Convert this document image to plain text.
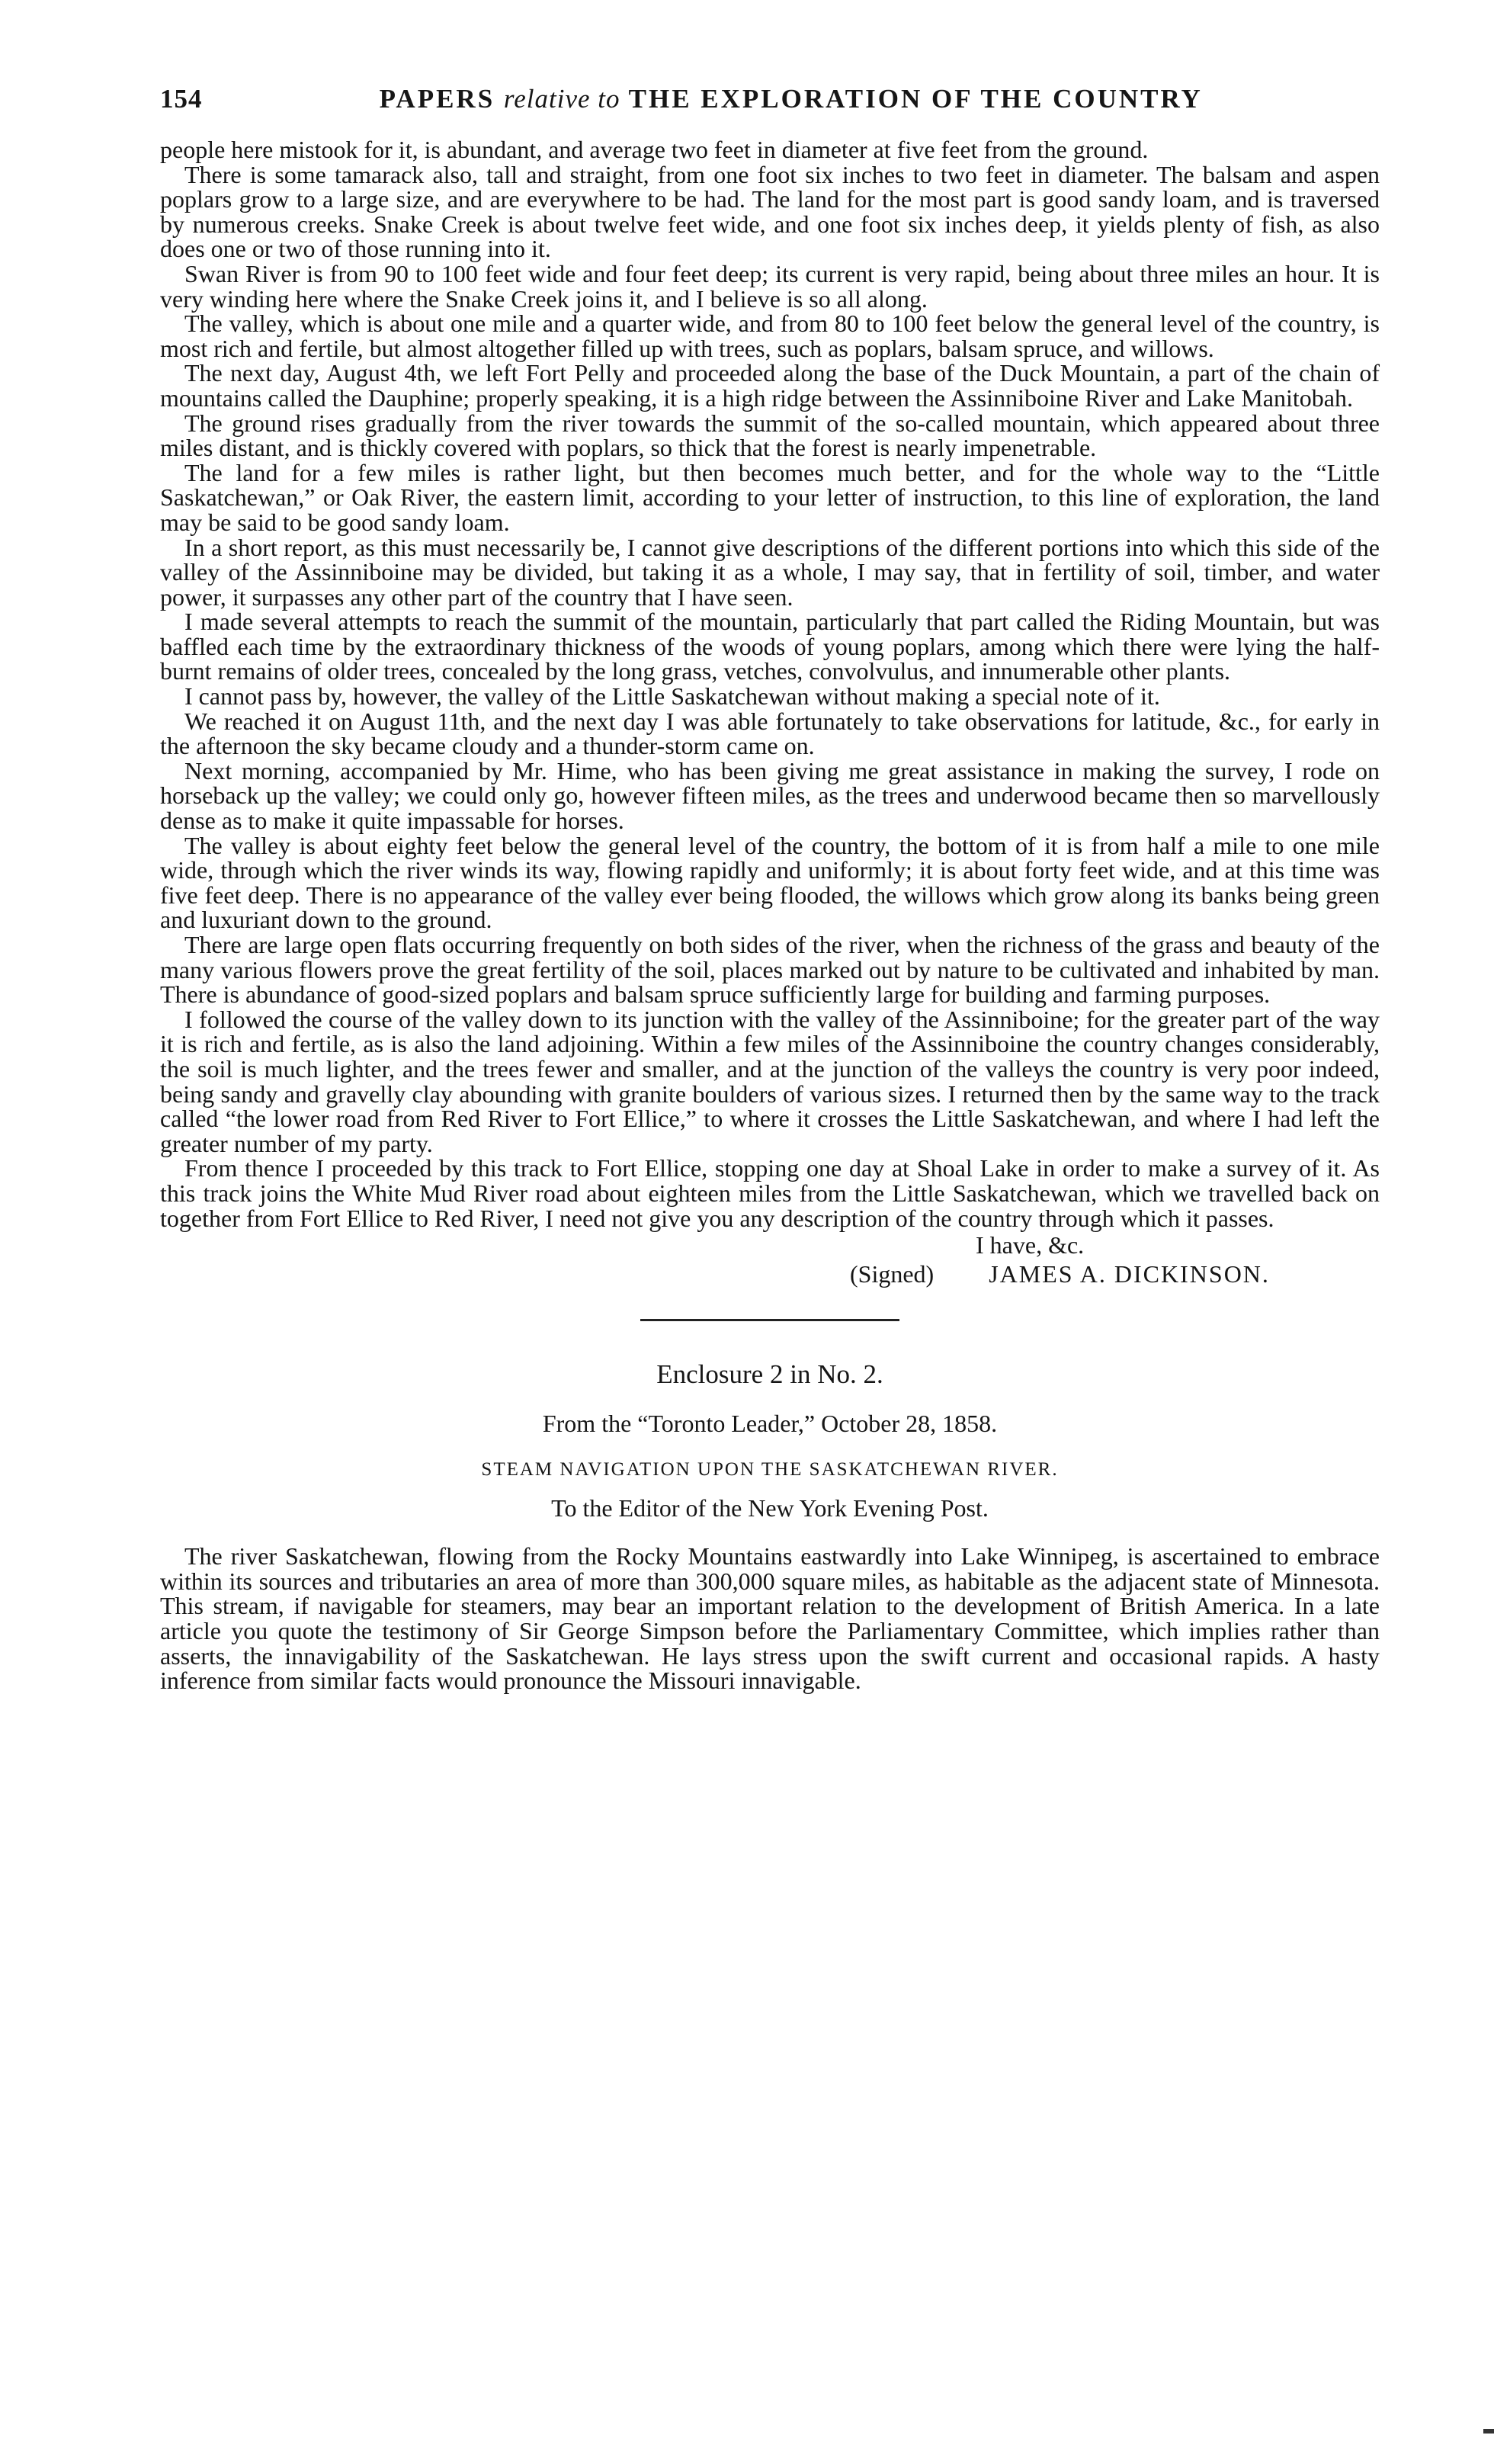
154	PAPERS relative to THE EXPLORATION OF THE COUNTRY

people here mistook for it, is abundant, and average two feet in diameter at five feet from the ground.

There is some tamarack also, tall and straight, from one foot six inches to two feet in diameter. The balsam and aspen poplars grow to a large size, and are everywhere to be had. The land for the most part is good sandy loam, and is traversed by numerous creeks. Snake Creek is about twelve feet wide, and one foot six inches deep, it yields plenty of fish, as also does one or two of those running into it.

Swan River is from 90 to 100 feet wide and four feet deep; its current is very rapid, being about three miles an hour. It is very winding here where the Snake Creek joins it, and I believe is so all along.

The valley, which is about one mile and a quarter wide, and from 80 to 100 feet below the general level of the country, is most rich and fertile, but almost altogether filled up with trees, such as poplars, balsam spruce, and willows.

The next day, August 4th, we left Fort Pelly and proceeded along the base of the Duck Mountain, a part of the chain of mountains called the Dauphine; properly speaking, it is a high ridge between the Assinniboine River and Lake Manitobah.

The ground rises gradually from the river towards the summit of the so-called mountain, which appeared about three miles distant, and is thickly covered with poplars, so thick that the forest is nearly impenetrable.

The land for a few miles is rather light, but then becomes much better, and for the whole way to the “Little Saskatchewan,” or Oak River, the eastern limit, according to your letter of instruction, to this line of exploration, the land may be said to be good sandy loam.

In a short report, as this must necessarily be, I cannot give descriptions of the different portions into which this side of the valley of the Assinniboine may be divided, but taking it as a whole, I may say, that in fertility of soil, timber, and water power, it surpasses any other part of the country that I have seen.

I made several attempts to reach the summit of the mountain, particularly that part called the Riding Mountain, but was baffled each time by the extraordinary thickness of the woods of young poplars, among which there were lying the half-burnt remains of older trees, concealed by the long grass, vetches, convolvulus, and innumerable other plants.

I cannot pass by, however, the valley of the Little Saskatchewan without making a special note of it.

We reached it on August 11th, and the next day I was able fortunately to take observations for latitude, &c., for early in the afternoon the sky became cloudy and a thunder-storm came on.

Next morning, accompanied by Mr. Hime, who has been giving me great assistance in making the survey, I rode on horseback up the valley; we could only go, however fifteen miles, as the trees and underwood became then so marvellously dense as to make it quite impassable for horses.

The valley is about eighty feet below the general level of the country, the bottom of it is from half a mile to one mile wide, through which the river winds its way, flowing rapidly and uniformly; it is about forty feet wide, and at this time was five feet deep. There is no appearance of the valley ever being flooded, the willows which grow along its banks being green and luxuriant down to the ground.

There are large open flats occurring frequently on both sides of the river, when the richness of the grass and beauty of the many various flowers prove the great fertility of the soil, places marked out by nature to be cultivated and inhabited by man. There is abundance of good-sized poplars and balsam spruce sufficiently large for building and farming purposes.

I followed the course of the valley down to its junction with the valley of the Assinniboine; for the greater part of the way it is rich and fertile, as is also the land adjoining. Within a few miles of the Assinniboine the country changes considerably, the soil is much lighter, and the trees fewer and smaller, and at the junction of the valleys the country is very poor indeed, being sandy and gravelly clay abounding with granite boulders of various sizes. I returned then by the same way to the track called “the lower road from Red River to Fort Ellice,” to where it crosses the Little Saskatchewan, and where I had left the greater number of my party.

From thence I proceeded by this track to Fort Ellice, stopping one day at Shoal Lake in order to make a survey of it. As this track joins the White Mud River road about eighteen miles from the Little Saskatchewan, which we travelled back on together from Fort Ellice to Red River, I need not give you any description of the country through which it passes.

I have, &c.
(Signed) JAMES A. DICKINSON.
Enclosure 2 in No. 2.
From the “Toronto Leader,” October 28, 1858.
STEAM NAVIGATION UPON THE SASKATCHEWAN RIVER.
To the Editor of the New York Evening Post.

The river Saskatchewan, flowing from the Rocky Mountains eastwardly into Lake Winnipeg, is ascertained to embrace within its sources and tributaries an area of more than 300,000 square miles, as habitable as the adjacent state of Minnesota. This stream, if navigable for steamers, may bear an important relation to the development of British America. In a late article you quote the testimony of Sir George Simpson before the Parliamentary Committee, which implies rather than asserts, the innavigability of the Saskatchewan. He lays stress upon the swift current and occasional rapids. A hasty inference from similar facts would pronounce the Missouri innavigable.
